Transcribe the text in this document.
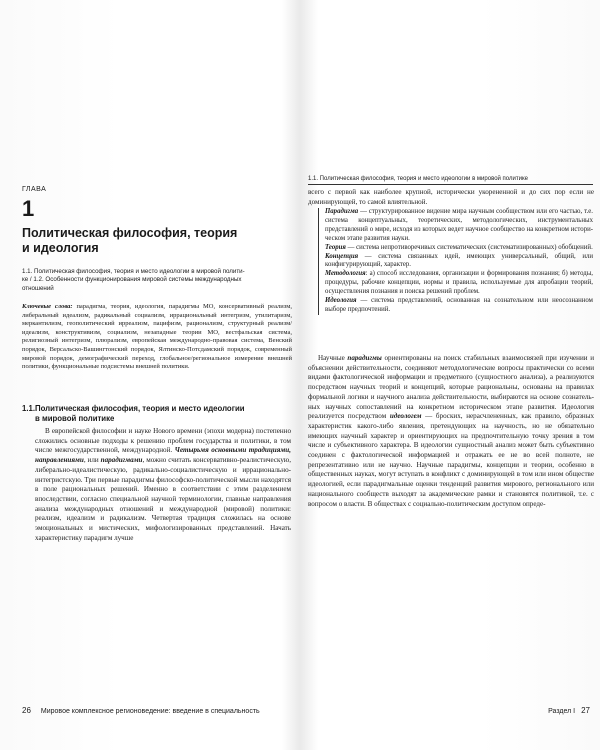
ГЛАВА
1
Политическая философия, теория
и идеология
1.1. Политическая философия, теория и место идеологии в мировой полити-
ке / 1.2. Особенности функционирования мировой системы международных
отношений
Ключевые слова: парадигма, теория, идеология, парадигмы МО, консервативный реализм, либеральный идеализм, радикальный социализм, иррациональный интегризм, утилитаризм, меркантилизм, геополитический ирреализм, пацифизм, рационализм, структурный реализм/идеализм, конструктивизм, социализм, незападные теории МО, вестфальская система, религиозный интегризм, плюрализм, европейская международно-правовая система, Венский порядок, Версальско-Вашингтонский порядок, Ялтинско-Потсдамский порядок, современный мировой порядок, демографический переход, глобальное/региональное измерение внешней политики, функциональные подсистемы внешней политики.
1.1.Политическая философия, теория и место идеологии
в мировой политике

В европейской философии и науке Нового времени (эпохи модерна) постепенно сложились основные подходы к решению проблем государства и политики, в том числе межгосударственной, международной. Четырьмя основными традициями, направлениями, или парадигмами, можно считать консервативно-реалистическую, либерально-идеалистическую, радикально-социалистическую и иррационально-интегристскую. Три первые парадигмы философско-политической мысли находятся в поле рациональных решений. Именно в соответствии с этим разделением впоследствии, согласно специальной научной терминологии, главные направления анализа международных отношений и международной (мировой) политики: реализм, идеализм и радикализм. Четвертая традиция сложилась на основе эмоциональных и мистических, мифологизированных представлений. Начать характеристику парадигм лучше

26 Мировое комплексное регионоведение: введение в специальность
1.1. Политическая философия, теория и место идеологии в мировой политике

всего с первой как наиболее крупной, исторически укорененной и до сих пор если не доминирующей, то самой влиятельной.

Парадигма — структурированное видение мира научным сообществом или его частью, т.е. система концептуальных, теоретических, методологических, инструментальных представлений о мире, исходя из которых ведет научное сообщество на конкретном историческом этапе развития науки.

Теория — система непротиворечивых систематических (систематизированных) обобщений.

Концепция — система связанных идей, имеющих универсальный, общий, или конфигурирующий, характер.

Методология: а) способ исследования, организации и формирования познания; б) методы, процедуры, рабочие концепции, нормы и правила, используемые для апробации теорий, осуществления познания и поиска решений проблем.

Идеология — система представлений, основанная на сознательном или неосознанном выборе предпочтений.

Научные парадигмы ориентированы на поиск стабильных взаимосвязей при изучении и объяснении действительности, соединяют методологические вопросы практически со всеми видами фактологической информации и предметного (сущностного анализа), а реализуются посредством научных теорий и концепций, которые рациональны, основаны на правилах формальной логики и научного анализа действительности, выбираются на основе сознательных научных сопоставлений на конкретном историческом этапе развития. Идеология реализуется посредством идеологем — броских, нерасчлененных, как правило, образных характеристик какого-либо явления, претендующих на научность, но не обязательно имеющих научный характер и ориентирующих на предпочтительную точку зрения в том числе и субъективного характера. В идеологии сущностный анализ может быть субъективно соединен с фактологической информацией и отражать ее не во всей полноте, не репрезентативно или не научно. Научные парадигмы, концепции и теории, особенно в общественных науках, могут вступать в конфликт с доминирующей в том или ином обществе идеологией, если парадигмальные оценки тенденций развития мирового, регионального или национального сообществ выходят за академические рамки и становятся политикой, т.е. с вопросом о власти. В обществах с социально-политическим доступом опреде-

Раздел I 27
